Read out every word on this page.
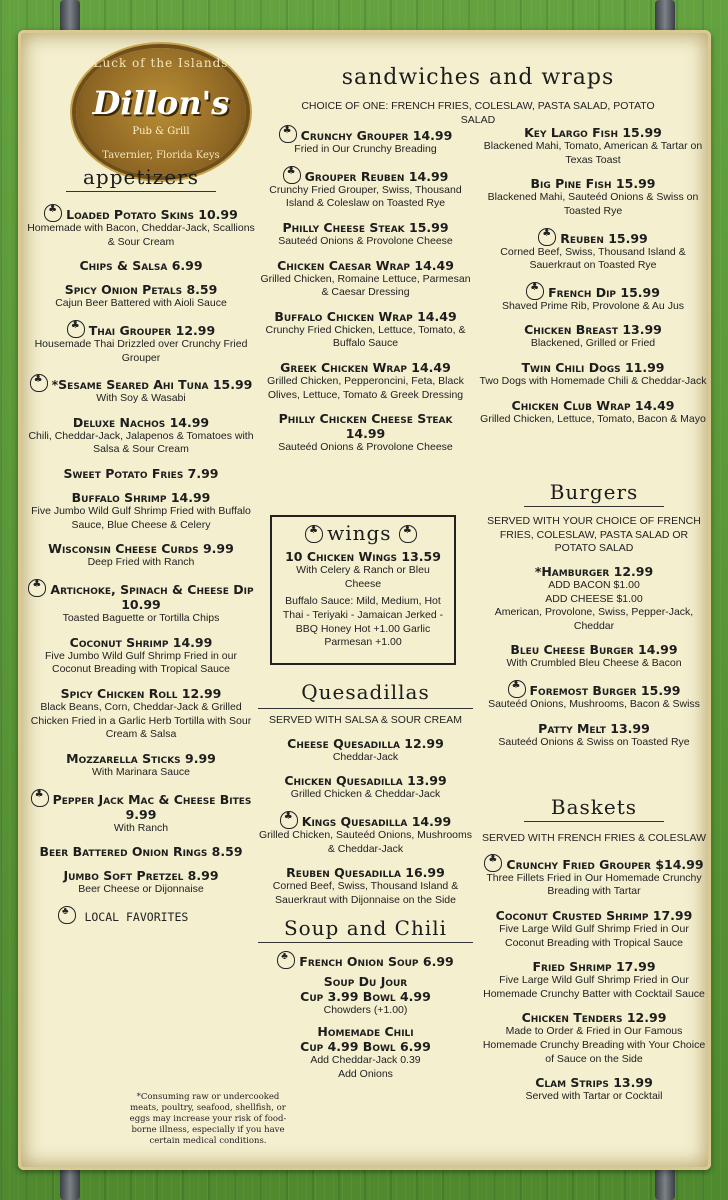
Luck of the Islands
Dillon's
Pub & Grill
Tavernier, Florida Keys
sandwiches and wraps
CHOICE OF ONE: FRENCH FRIES, COLESLAW, PASTA SALAD, POTATO SALAD
appetizers
♣Loaded Potato Skins 10.99
Homemade with Bacon, Cheddar-Jack, Scallions & Sour Cream
Chips & Salsa 6.99
Spicy Onion Petals 8.59
Cajun Beer Battered with Aioli Sauce
♣Thai Grouper 12.99
Housemade Thai Drizzled over Crunchy Fried Grouper
♣*Sesame Seared Ahi Tuna 15.99
With Soy & Wasabi
Deluxe Nachos 14.99
Chili, Cheddar-Jack, Jalapenos & Tomatoes with Salsa & Sour Cream
Sweet Potato Fries 7.99
Buffalo Shrimp 14.99
Five Jumbo Wild Gulf Shrimp Fried with Buffalo Sauce, Blue Cheese & Celery
Wisconsin Cheese Curds 9.99
Deep Fried with Ranch
♣Artichoke, Spinach & Cheese Dip 10.99
Toasted Baguette or Tortilla Chips
Coconut Shrimp 14.99
Five Jumbo Wild Gulf Shrimp Fried in our Coconut Breading with Tropical Sauce
Spicy Chicken Roll 12.99
Black Beans, Corn, Cheddar-Jack & Grilled Chicken Fried in a Garlic Herb Tortilla with Sour Cream & Salsa
Mozzarella Sticks 9.99
With Marinara Sauce
♣Pepper Jack Mac & Cheese Bites 9.99
With Ranch
Beer Battered Onion Rings 8.59
Jumbo Soft Pretzel 8.99
Beer Cheese or Dijonnaise
♣ LOCAL FAVORITES
♣Crunchy Grouper 14.99
Fried in Our Crunchy Breading
♣Grouper Reuben 14.99
Crunchy Fried Grouper, Swiss, Thousand Island & Coleslaw on Toasted Rye
Philly Cheese Steak 15.99
Sauteéd Onions & Provolone Cheese
Chicken Caesar Wrap 14.49
Grilled Chicken, Romaine Lettuce, Parmesan & Caesar Dressing
Buffalo Chicken Wrap 14.49
Crunchy Fried Chicken, Lettuce, Tomato, & Buffalo Sauce
Greek Chicken Wrap 14.49
Grilled Chicken, Pepperoncini, Feta, Black Olives, Lettuce, Tomato & Greek Dressing
Philly Chicken Cheese Steak 14.99
Sauteéd Onions & Provolone Cheese
Key Largo Fish 15.99
Blackened Mahi, Tomato, American & Tartar on Texas Toast
Big Pine Fish 15.99
Blackened Mahi, Sauteéd Onions & Swiss on Toasted Rye
♣Reuben 15.99
Corned Beef, Swiss, Thousand Island & Sauerkraut on Toasted Rye
♣French Dip 15.99
Shaved Prime Rib, Provolone & Au Jus
Chicken Breast 13.99
Blackened, Grilled or Fried
Twin Chili Dogs 11.99
Two Dogs with Homemade Chili & Cheddar-Jack
Chicken Club Wrap 14.49
Grilled Chicken, Lettuce, Tomato, Bacon & Mayo
♣wings ♣
10 Chicken Wings 13.59
With Celery & Ranch or Bleu Cheese
Buffalo Sauce: Mild, Medium, Hot Thai - Teriyaki - Jamaican Jerked - BBQ Honey Hot +1.00 Garlic Parmesan +1.00
Quesadillas
SERVED WITH SALSA & SOUR CREAM
Cheese Quesadilla 12.99
Cheddar-Jack
Chicken Quesadilla 13.99
Grilled Chicken & Cheddar-Jack
♣Kings Quesadilla 14.99
Grilled Chicken, Sauteéd Onions, Mushrooms & Cheddar-Jack
Reuben Quesadilla 16.99
Corned Beef, Swiss, Thousand Island & Sauerkraut with Dijonnaise on the Side
Soup and Chili
♣French Onion Soup 6.99
Soup Du Jour
Cup 3.99 Bowl 4.99
Chowders (+1.00)
Homemade Chili
Cup 4.99 Bowl 6.99
Add Cheddar-Jack 0.39
Add Onions
*Consuming raw or undercooked meats, poultry, seafood, shellfish, or eggs may increase your risk of food-borne illness, especially if you have certain medical conditions.
Burgers
SERVED WITH YOUR CHOICE OF FRENCH FRIES, COLESLAW, PASTA SALAD OR POTATO SALAD
*Hamburger 12.99
ADD BACON $1.00
ADD CHEESE $1.00
American, Provolone, Swiss, Pepper-Jack, Cheddar
Bleu Cheese Burger 14.99
With Crumbled Bleu Cheese & Bacon
♣Foremost Burger 15.99
Sauteéd Onions, Mushrooms, Bacon & Swiss
Patty Melt 13.99
Sauteéd Onions & Swiss on Toasted Rye
Baskets
SERVED WITH FRENCH FRIES & COLESLAW
♣Crunchy Fried Grouper $14.99
Three Fillets Fried in Our Homemade Crunchy Breading with Tartar
Coconut Crusted Shrimp 17.99
Five Large Wild Gulf Shrimp Fried in Our Coconut Breading with Tropical Sauce
Fried Shrimp 17.99
Five Large Wild Gulf Shrimp Fried in Our Homemade Crunchy Batter with Cocktail Sauce
Chicken Tenders 12.99
Made to Order & Fried in Our Famous Homemade Crunchy Breading with Your Choice of Sauce on the Side
Clam Strips 13.99
Served with Tartar or Cocktail
